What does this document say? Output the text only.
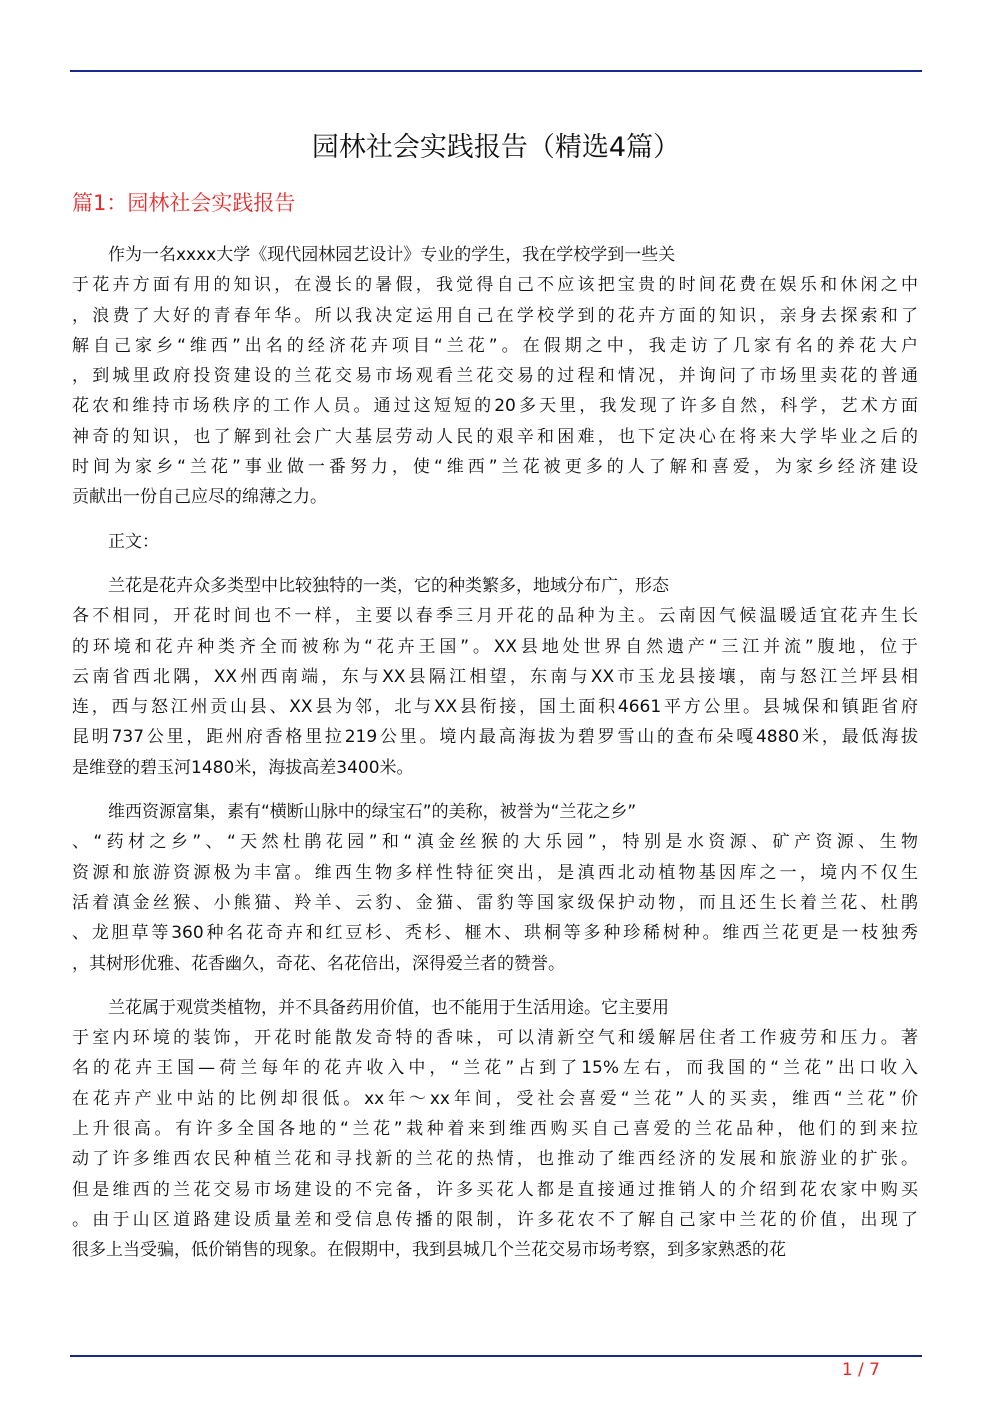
园林社会实践报告（精选4篇）
篇1：园林社会实践报告

作为一名xxxx大学《现代园林园艺设计》专业的学生，我在学校学到一些关
于花卉方面有用的知识，在漫长的暑假，我觉得自己不应该把宝贵的时间花费在娱乐和休闲之中
，浪费了大好的青春年华。所以我决定运用自己在学校学到的花卉方面的知识，亲身去探索和了
解自己家乡“维西”出名的经济花卉项目“兰花”。在假期之中，我走访了几家有名的养花大户
，到城里政府投资建设的兰花交易市场观看兰花交易的过程和情况，并询问了市场里卖花的普通
花农和维持市场秩序的工作人员。通过这短短的20多天里，我发现了许多自然，科学，艺术方面
神奇的知识，也了解到社会广大基层劳动人民的艰辛和困难，也下定决心在将来大学毕业之后的
时间为家乡“兰花”事业做一番努力，使“维西”兰花被更多的人了解和喜爱，为家乡经济建设
贡献出一份自己应尽的绵薄之力。

正文：

兰花是花卉众多类型中比较独特的一类，它的种类繁多，地域分布广，形态
各不相同，开花时间也不一样，主要以春季三月开花的品种为主。云南因气候温暖适宜花卉生长
的环境和花卉种类齐全而被称为“花卉王国”。XX县地处世界自然遗产“三江并流”腹地，位于
云南省西北隅，XX州西南端，东与XX县隔江相望，东南与XX市玉龙县接壤，南与怒江兰坪县相
连，西与怒江州贡山县、XX县为邻，北与XX县衔接，国土面积4661平方公里。县城保和镇距省府
昆明737公里，距州府香格里拉219公里。境内最高海拔为碧罗雪山的查布朵嘎4880米，最低海拔
是维登的碧玉河1480米，海拔高差3400米。

维西资源富集，素有“横断山脉中的绿宝石”的美称，被誉为“兰花之乡”
、“药材之乡”、“天然杜鹃花园”和“滇金丝猴的大乐园”，特别是水资源、矿产资源、生物
资源和旅游资源极为丰富。维西生物多样性特征突出，是滇西北动植物基因库之一，境内不仅生
活着滇金丝猴、小熊猫、羚羊、云豹、金猫、雷豹等国家级保护动物，而且还生长着兰花、杜鹃
、龙胆草等360种名花奇卉和红豆杉、秃杉、榧木、珙桐等多种珍稀树种。维西兰花更是一枝独秀
，其树形优雅、花香幽久，奇花、名花倍出，深得爱兰者的赞誉。

兰花属于观赏类植物，并不具备药用价值，也不能用于生活用途。它主要用
于室内环境的装饰，开花时能散发奇特的香味，可以清新空气和缓解居住者工作疲劳和压力。著
名的花卉王国—荷兰每年的花卉收入中，“兰花”占到了15%左右，而我国的“兰花”出口收入
在花卉产业中站的比例却很低。xx年～xx年间，受社会喜爱“兰花”人的买卖，维西“兰花”价
上升很高。有许多全国各地的“兰花”栽种着来到维西购买自己喜爱的兰花品种，他们的到来拉
动了许多维西农民种植兰花和寻找新的兰花的热情，也推动了维西经济的发展和旅游业的扩张。
但是维西的兰花交易市场建设的不完备，许多买花人都是直接通过推销人的介绍到花农家中购买
。由于山区道路建设质量差和受信息传播的限制，许多花农不了解自己家中兰花的价值，出现了
很多上当受骗，低价销售的现象。在假期中，我到县城几个兰花交易市场考察，到多家熟悉的花

1 / 7
